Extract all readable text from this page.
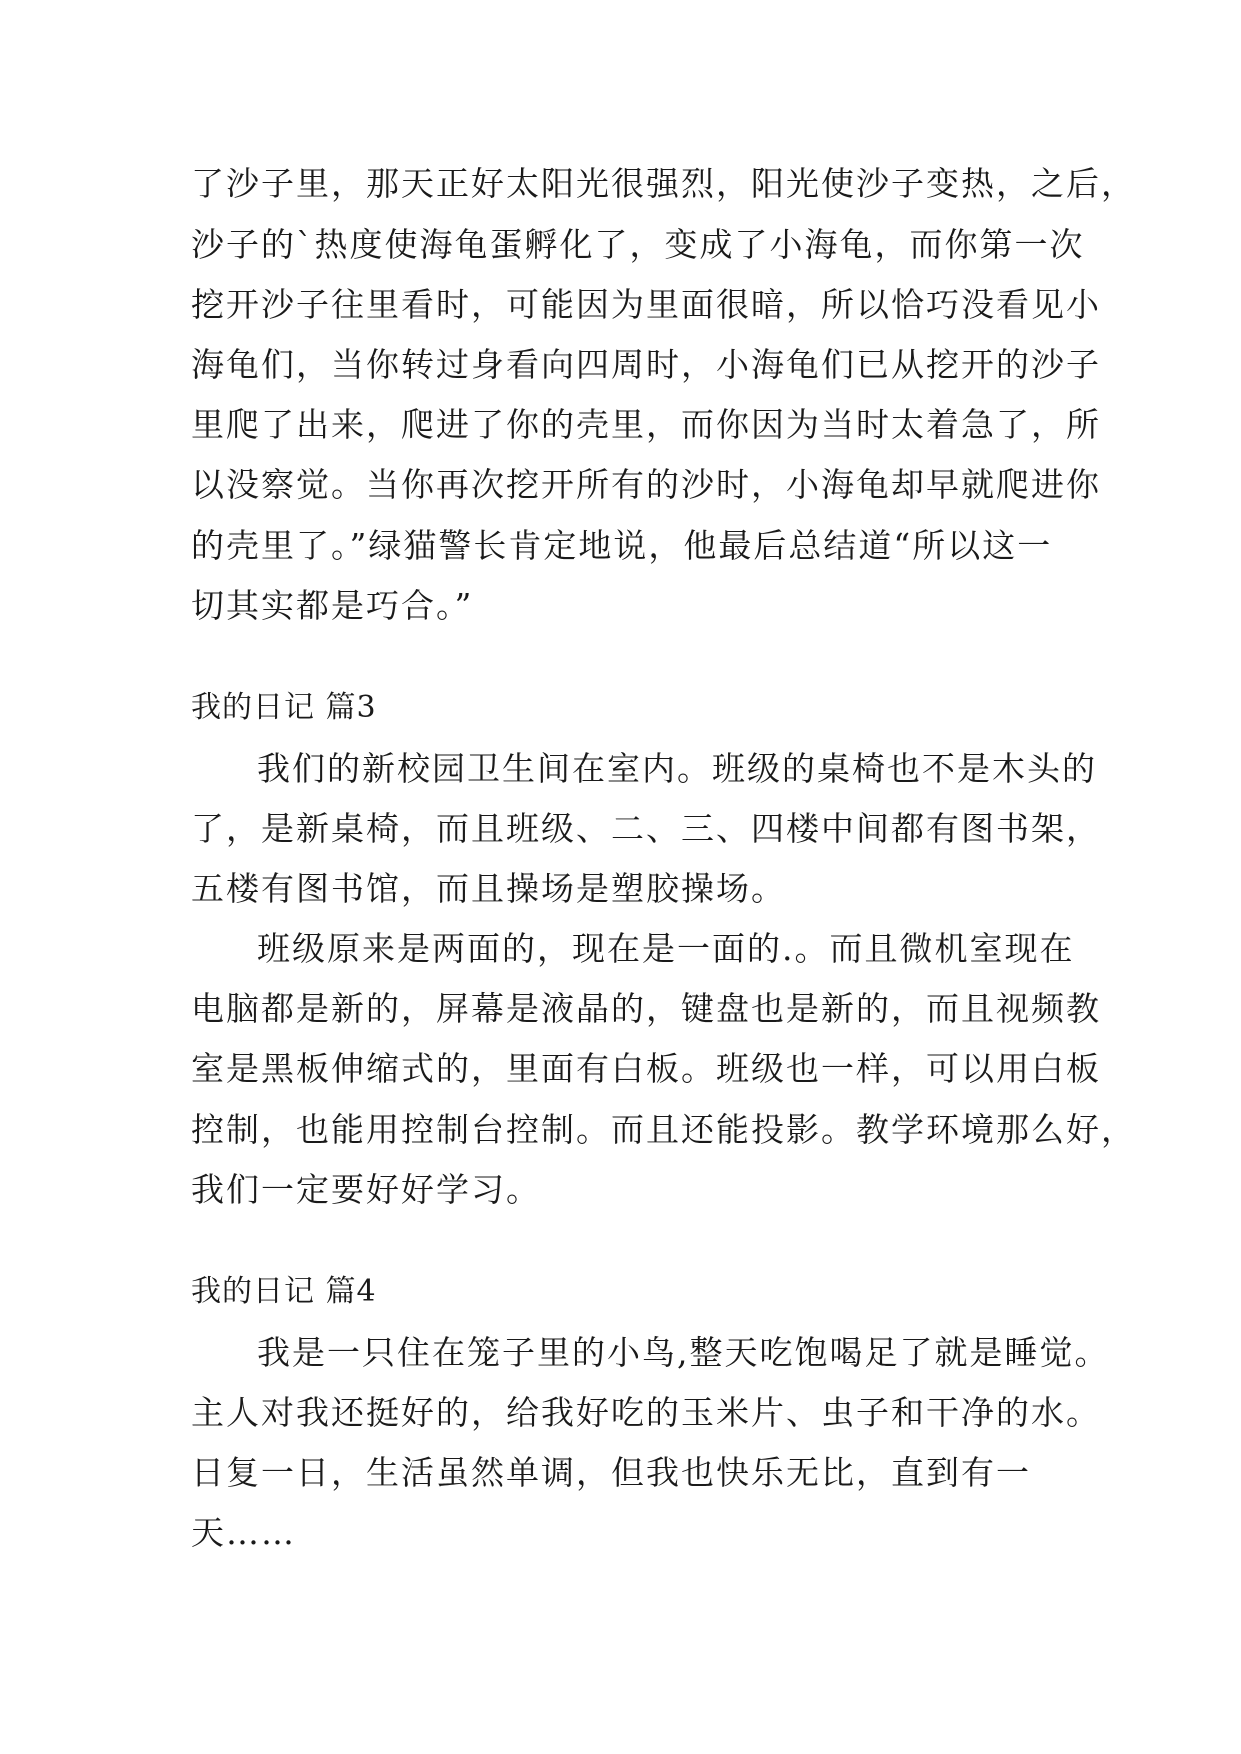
了沙子里，那天正好太阳光很强烈，阳光使沙子变热，之后，
沙子的`热度使海龟蛋孵化了，变成了小海龟，而你第一次
挖开沙子往里看时，可能因为里面很暗，所以恰巧没看见小
海龟们，当你转过身看向四周时，小海龟们已从挖开的沙子
里爬了出来，爬进了你的壳里，而你因为当时太着急了，所
以没察觉。当你再次挖开所有的沙时，小海龟却早就爬进你
的壳里了。”绿猫警长肯定地说，他最后总结道“所以这一
切其实都是巧合。”
我的日记 篇3
我们的新校园卫生间在室内。班级的桌椅也不是木头的
了，是新桌椅，而且班级、二、三、四楼中间都有图书架，
五楼有图书馆，而且操场是塑胶操场。
班级原来是两面的，现在是一面的.。而且微机室现在
电脑都是新的，屏幕是液晶的，键盘也是新的，而且视频教
室是黑板伸缩式的，里面有白板。班级也一样，可以用白板
控制，也能用控制台控制。而且还能投影。教学环境那么好，
我们一定要好好学习。
我的日记 篇4
我是一只住在笼子里的小鸟,整天吃饱喝足了就是睡觉。
主人对我还挺好的，给我好吃的玉米片、虫子和干净的水。
日复一日，生活虽然单调，但我也快乐无比，直到有一
天……
